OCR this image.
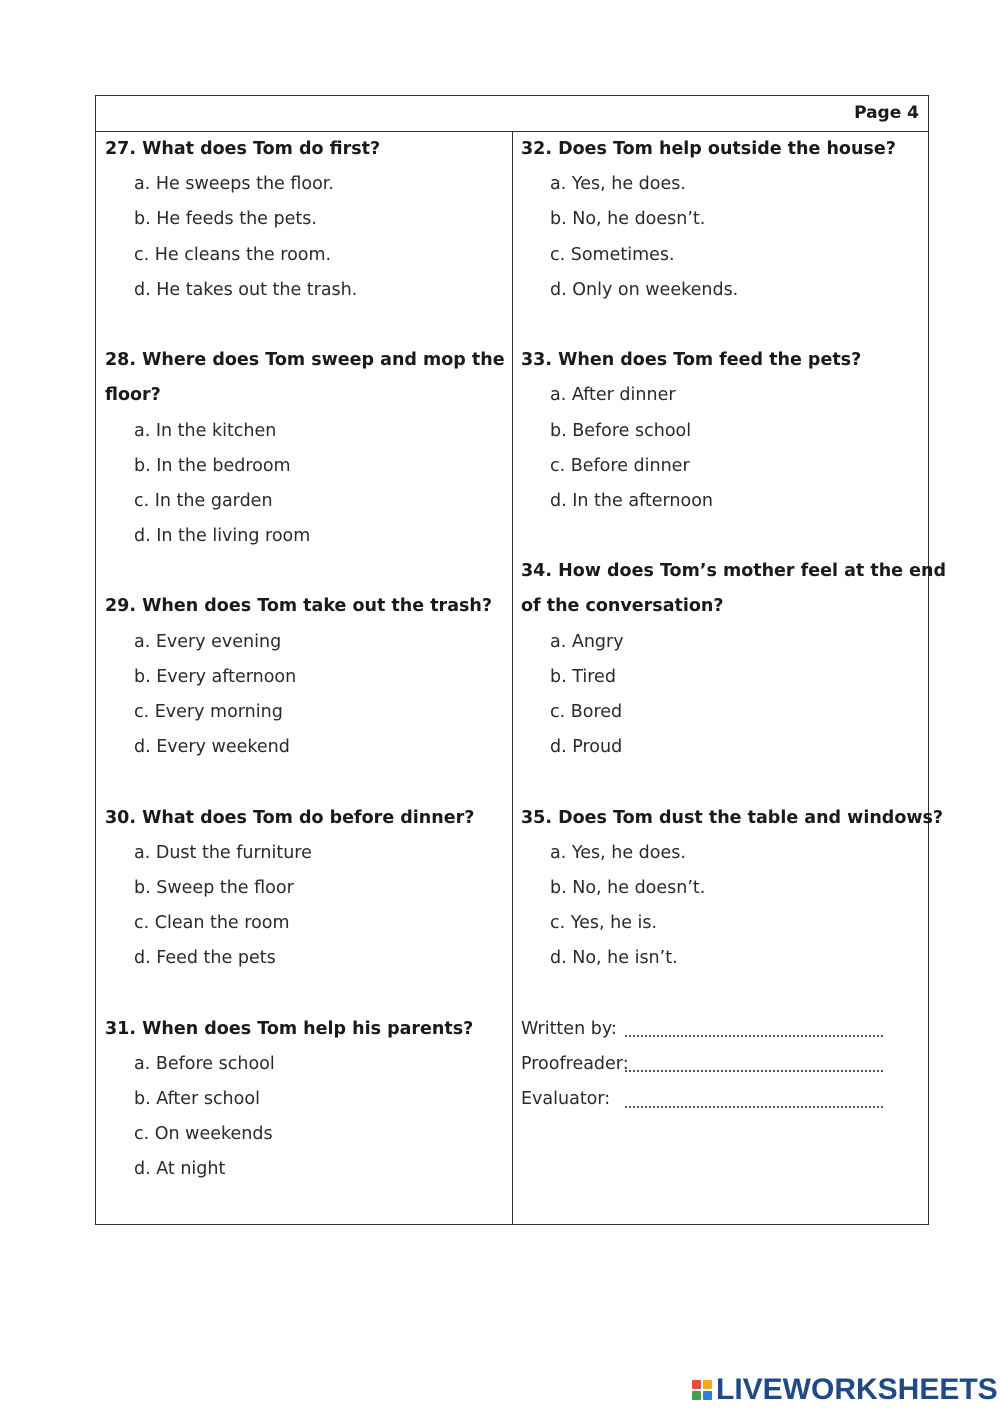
Page 4
27. What does Tom do first?
a. He sweeps the floor.
b. He feeds the pets.
c. He cleans the room.
d. He takes out the trash.
28. Where does Tom sweep and mop the
floor?
a. In the kitchen
b. In the bedroom
c. In the garden
d. In the living room
29. When does Tom take out the trash?
a. Every evening
b. Every afternoon
c. Every morning
d. Every weekend
30. What does Tom do before dinner?
a. Dust the furniture
b. Sweep the floor
c. Clean the room
d. Feed the pets
31. When does Tom help his parents?
a. Before school
b. After school
c. On weekends
d. At night
32. Does Tom help outside the house?
a. Yes, he does.
b. No, he doesn’t.
c. Sometimes.
d. Only on weekends.
33. When does Tom feed the pets?
a. After dinner
b. Before school
c. Before dinner
d. In the afternoon
34. How does Tom’s mother feel at the end
of the conversation?
a. Angry
b. Tired
c. Bored
d. Proud
35. Does Tom dust the table and windows?
a. Yes, he does.
b. No, he doesn’t.
c. Yes, he is.
d. No, he isn’t.
Written by:
Proofreader:
Evaluator:
LIVEWORKSHEETS
